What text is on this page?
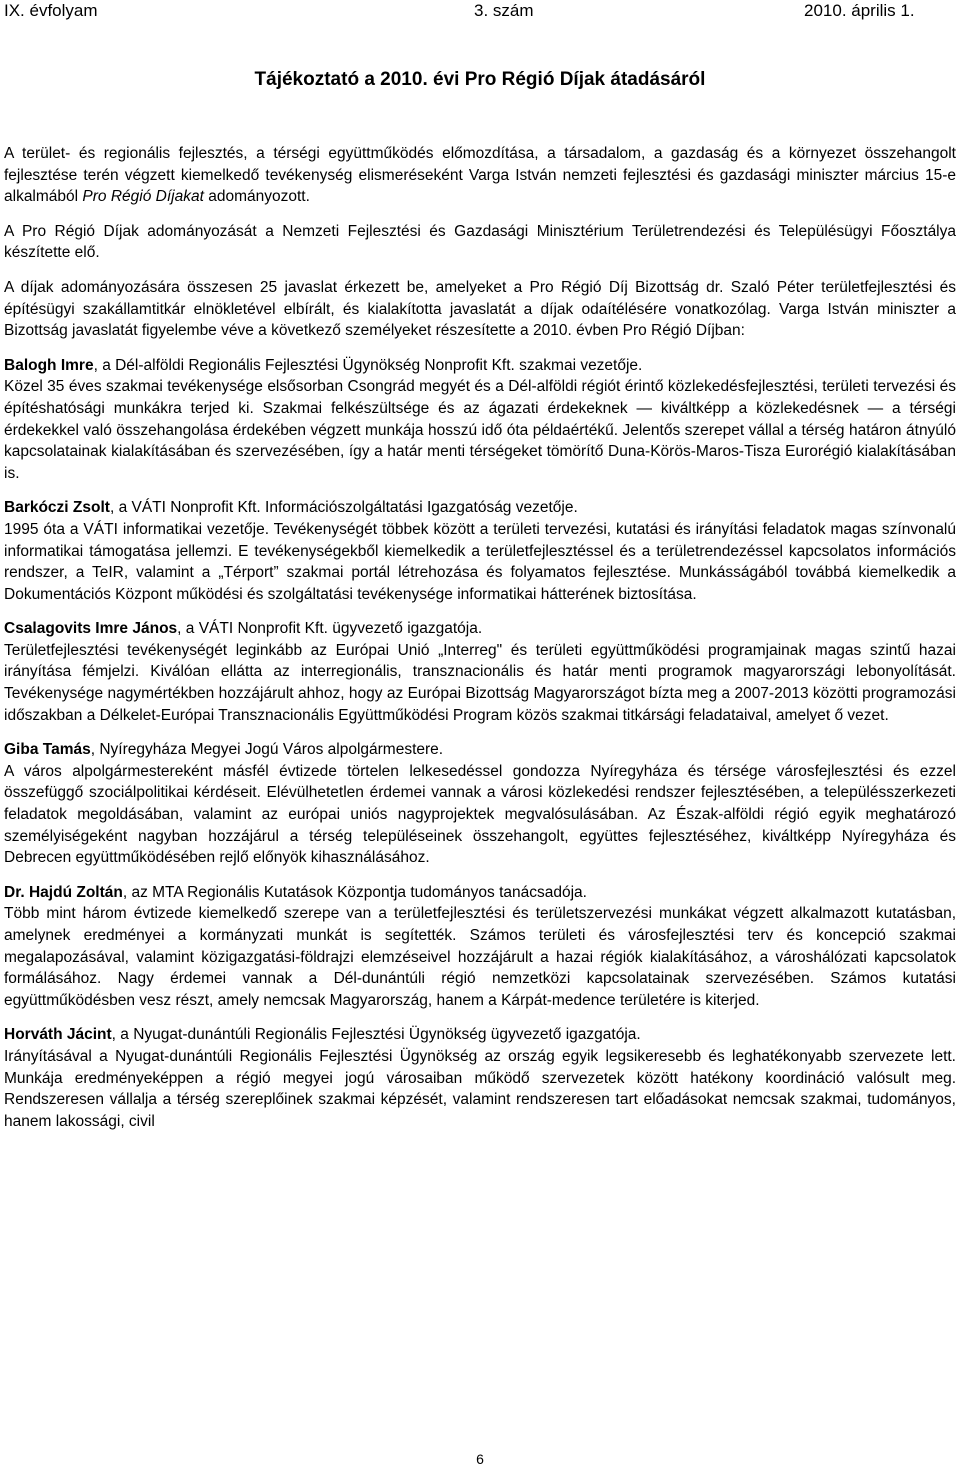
IX. évfolyam	3. szám	2010. április 1.
Tájékoztató a 2010. évi Pro Régió Díjak átadásáról

A terület- és regionális fejlesztés, a térségi együttműködés előmozdítása, a társadalom, a gazdaság és a környezet összehangolt fejlesztése terén végzett kiemelkedő tevékenység elismeréseként Varga István nemzeti fejlesztési és gazdasági miniszter március 15-e alkalmából Pro Régió Díjakat adományozott.

A Pro Régió Díjak adományozását a Nemzeti Fejlesztési és Gazdasági Minisztérium Területrendezési és Településügyi Főosztálya készítette elő.

A díjak adományozására összesen 25 javaslat érkezett be, amelyeket a Pro Régió Díj Bizottság dr. Szaló Péter területfejlesztési és építésügyi szakállamtitkár elnökletével elbírált, és kialakította javaslatát a díjak odaítélésére vonatkozólag. Varga István miniszter a Bizottság javaslatát figyelembe véve a következő személyeket részesítette a 2010. évben Pro Régió Díjban:

Balogh Imre, a Dél-alföldi Regionális Fejlesztési Ügynökség Nonprofit Kft. szakmai vezetője.

Közel 35 éves szakmai tevékenysége elsősorban Csongrád megyét és a Dél-alföldi régiót érintő közlekedésfejlesztési, területi tervezési és építéshatósági munkákra terjed ki. Szakmai felkészültsége és az ágazati érdekeknek — kiváltképp a közlekedésnek — a térségi érdekekkel való összehangolása érdekében végzett munkája hosszú idő óta példaértékű. Jelentős szerepet vállal a térség határon átnyúló kapcsolatainak kialakításában és szervezésében, így a határ menti térségeket tömörítő Duna-Körös-Maros-Tisza Eurorégió kialakításában is.

Barkóczi Zsolt, a VÁTI Nonprofit Kft. Információszolgáltatási Igazgatóság vezetője.

1995 óta a VÁTI informatikai vezetője. Tevékenységét többek között a területi tervezési, kutatási és irányítási feladatok magas színvonalú informatikai támogatása jellemzi. E tevékenységekből kiemelkedik a területfejlesztéssel és a területrendezéssel kapcsolatos információs rendszer, a TeIR, valamint a „Térport” szakmai portál létrehozása és folyamatos fejlesztése. Munkásságából továbbá kiemelkedik a Dokumentációs Központ működési és szolgáltatási tevékenysége informatikai hátterének biztosítása.

Csalagovits Imre János, a VÁTI Nonprofit Kft. ügyvezető igazgatója.

Területfejlesztési tevékenységét leginkább az Európai Unió „Interreg" és területi együttműködési programjainak magas szintű hazai irányítása fémjelzi. Kiválóan ellátta az interregionális, transznacionális és határ menti programok magyarországi lebonyolítását. Tevékenysége nagymértékben hozzájárult ahhoz, hogy az Európai Bizottság Magyarországot bízta meg a 2007-2013 közötti programozási időszakban a Délkelet-Európai Transznacionális Együttműködési Program közös szakmai titkársági feladataival, amelyet ő vezet.

Giba Tamás, Nyíregyháza Megyei Jogú Város alpolgármestere.

A város alpolgármestereként másfél évtizede törtelen lelkesedéssel gondozza Nyíregyháza és térsége városfejlesztési és ezzel összefüggő szociálpolitikai kérdéseit. Elévülhetetlen érdemei vannak a városi közlekedési rendszer fejlesztésében, a településszerkezeti feladatok megoldásában, valamint az európai uniós nagyprojektek megvalósulásában. Az Észak-alföldi régió egyik meghatározó személyiségeként nagyban hozzájárul a térség településeinek összehangolt, együttes fejlesztéséhez, kiváltképp Nyíregyháza és Debrecen együttműködésében rejlő előnyök kihasználásához.

Dr. Hajdú Zoltán, az MTA Regionális Kutatások Központja tudományos tanácsadója.

Több mint három évtizede kiemelkedő szerepe van a területfejlesztési és területszervezési munkákat végzett alkalmazott kutatásban, amelynek eredményei a kormányzati munkát is segítették. Számos területi és városfejlesztési terv és koncepció szakmai megalapozásával, valamint közigazgatási-földrajzi elemzéseivel hozzájárult a hazai régiók kialakításához, a városhálózati kapcsolatok formálásához. Nagy érdemei vannak a Dél-dunántúli régió nemzetközi kapcsolatainak szervezésében. Számos kutatási együttműködésben vesz részt, amely nemcsak Magyarország, hanem a Kárpát-medence területére is kiterjed.

Horváth Jácint, a Nyugat-dunántúli Regionális Fejlesztési Ügynökség ügyvezető igazgatója.

Irányításával a Nyugat-dunántúli Regionális Fejlesztési Ügynökség az ország egyik legsikeresebb és leghatékonyabb szervezete lett. Munkája eredményeképpen a régió megyei jogú városaiban működő szervezetek között hatékony koordináció valósult meg. Rendszeresen vállalja a térség szereplőinek szakmai képzését, valamint rendszeresen tart előadásokat nemcsak szakmai, tudományos, hanem lakossági, civil

6
